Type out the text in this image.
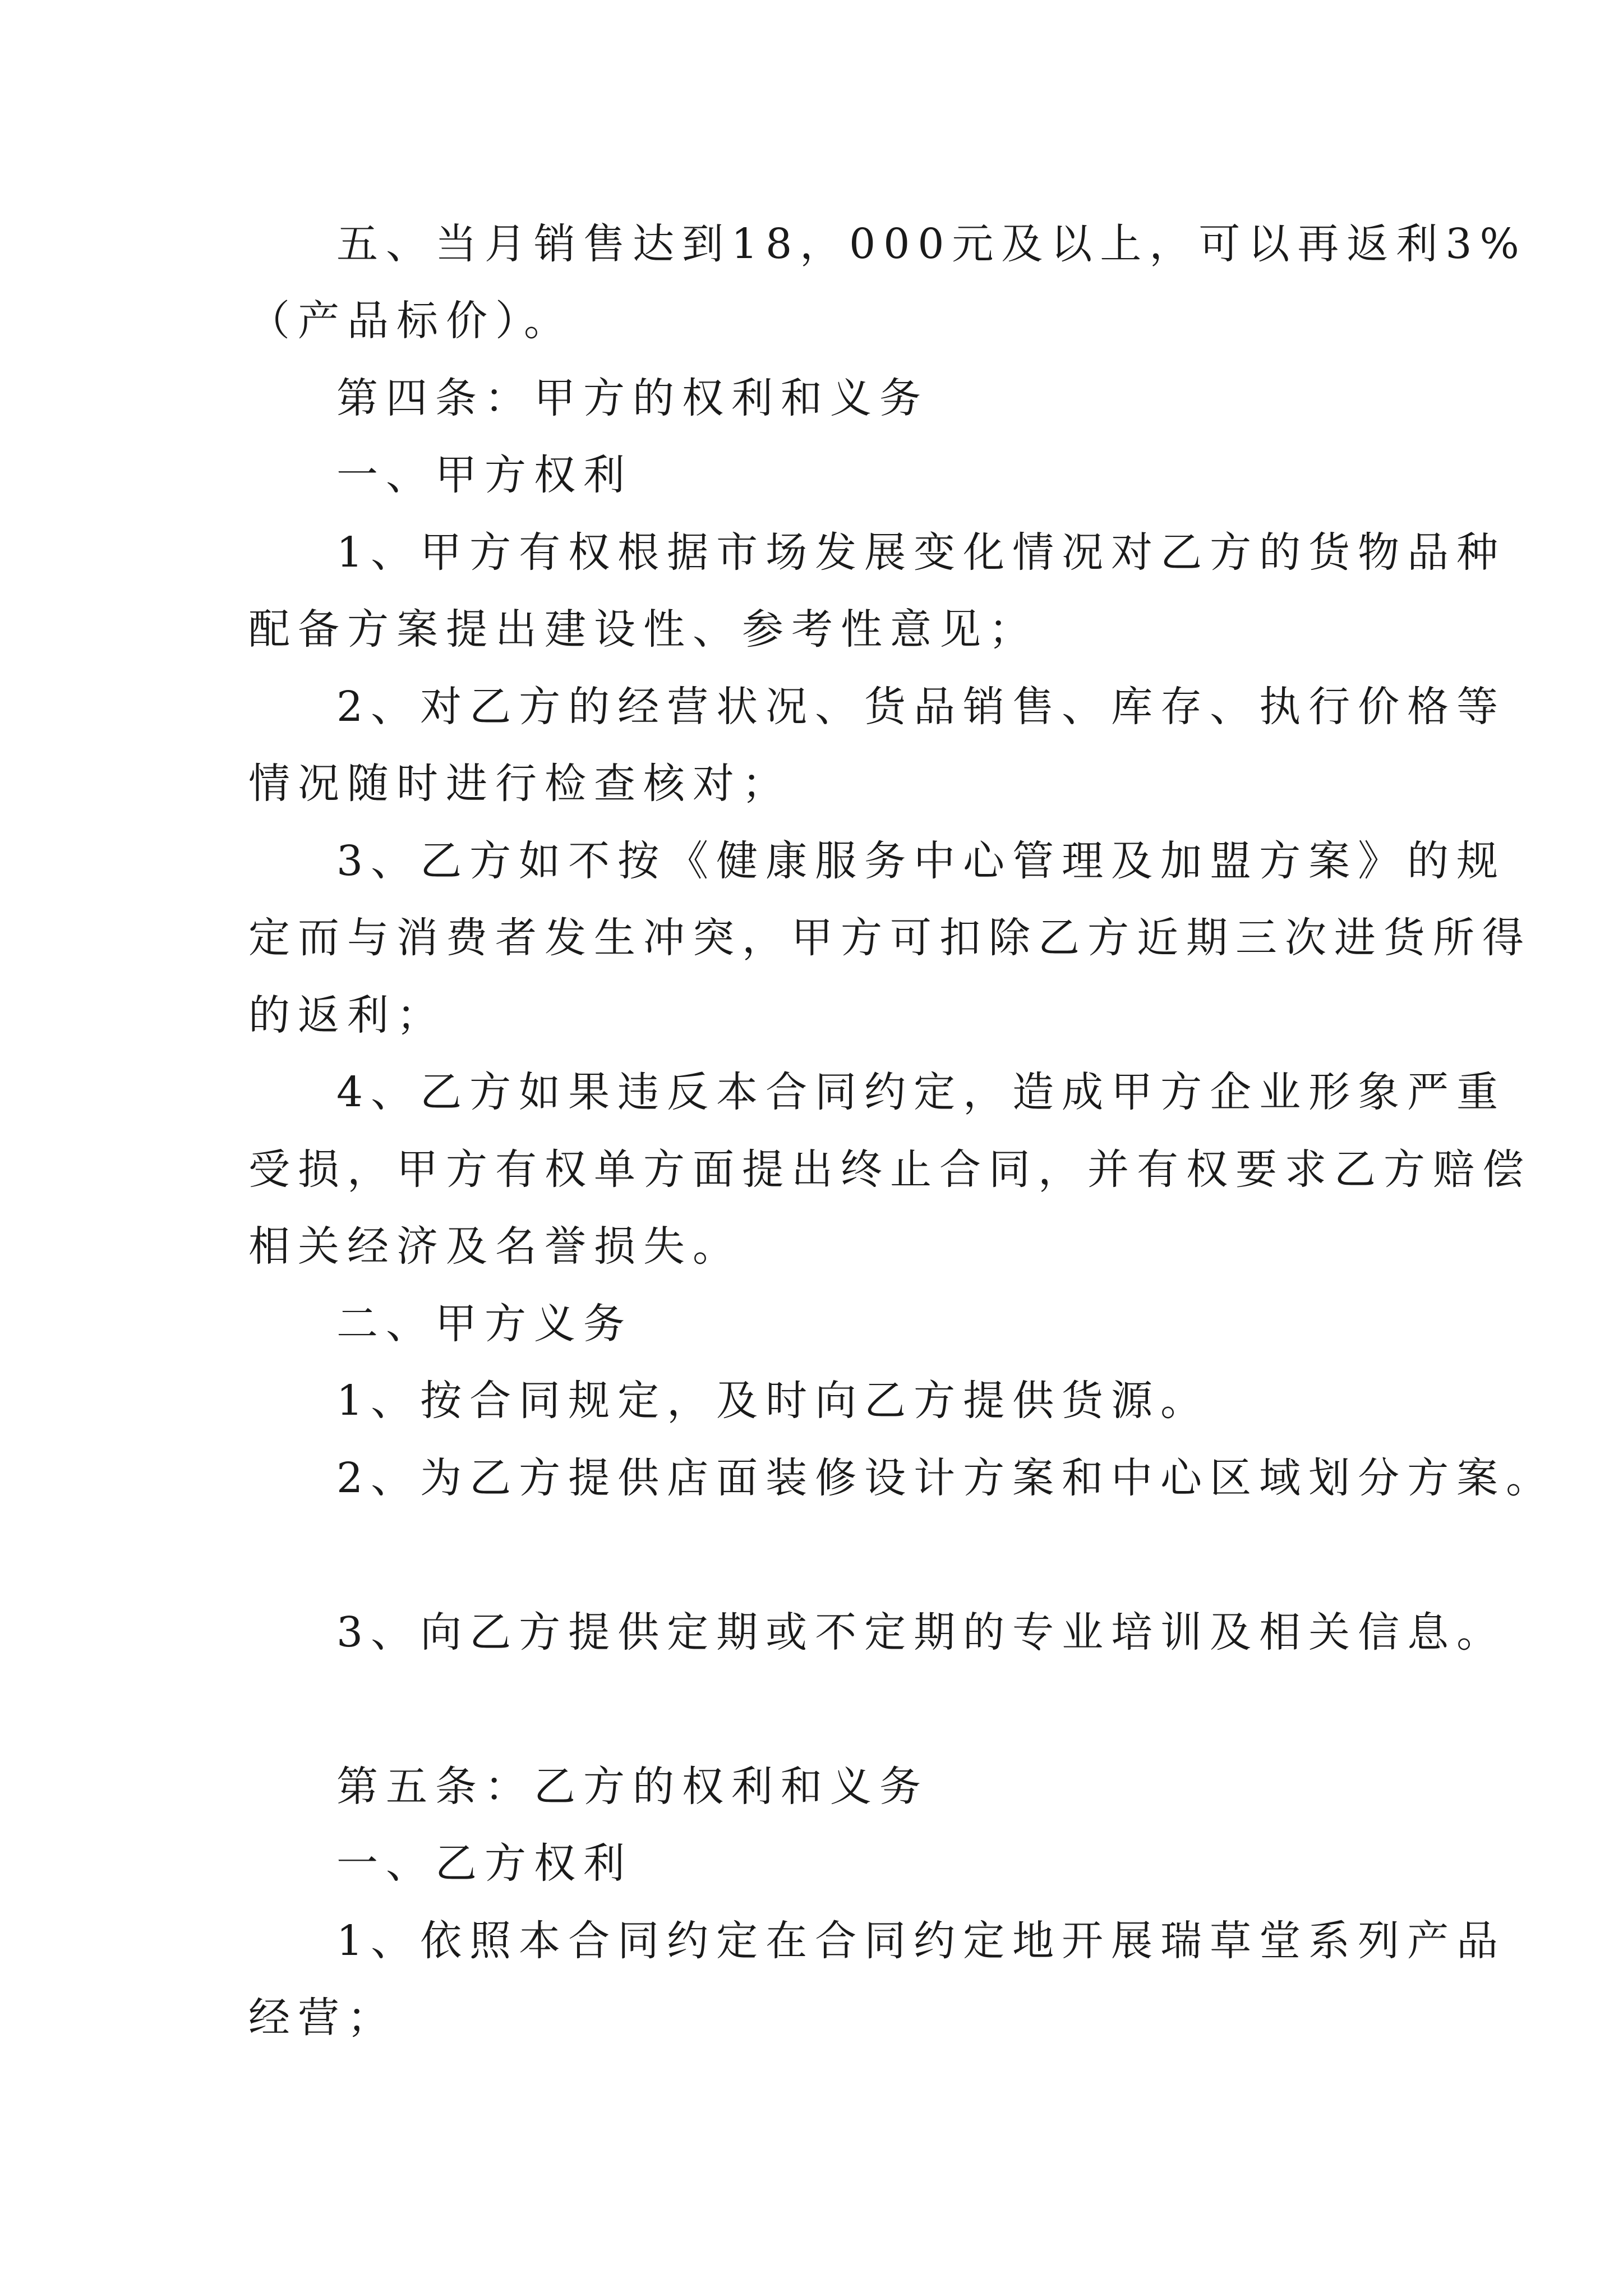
五、当月销售达到18，000元及以上，可以再返利3%
（产品标价）。
第四条：甲方的权利和义务
一、甲方权利
1、甲方有权根据市场发展变化情况对乙方的货物品种
配备方案提出建设性、参考性意见；
2、对乙方的经营状况、货品销售、库存、执行价格等
情况随时进行检查核对；
3、乙方如不按《健康服务中心管理及加盟方案》的规
定而与消费者发生冲突，甲方可扣除乙方近期三次进货所得
的返利；
4、乙方如果违反本合同约定，造成甲方企业形象严重
受损，甲方有权单方面提出终止合同，并有权要求乙方赔偿
相关经济及名誉损失。
二、甲方义务
1、按合同规定，及时向乙方提供货源。
2、为乙方提供店面装修设计方案和中心区域划分方案。
3、向乙方提供定期或不定期的专业培训及相关信息。
第五条：乙方的权利和义务
一、乙方权利
1、依照本合同约定在合同约定地开展瑞草堂系列产品
经营；
